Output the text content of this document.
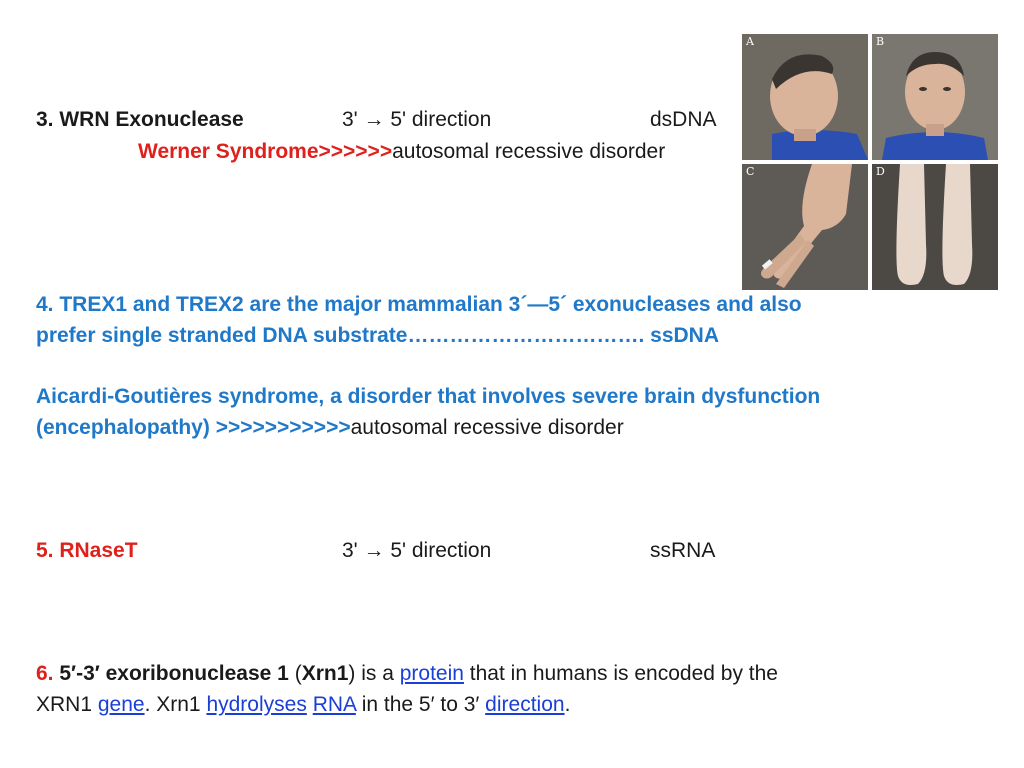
3. WRN Exonuclease	3' → 5' direction	dsDNA
Werner Syndrome>>>>>>autosomal recessive disorder
A	B
C	D
4. TREX1 and TREX2 are the major mammalian 3´—5´ exonucleases and also
prefer single stranded DNA substrate……………………………. ssDNA
Aicardi-Goutières syndrome, a disorder that involves severe brain dysfunction
(encephalopathy) >>>>>>>>>>>autosomal recessive disorder
5. RNaseT	3' → 5' direction	ssRNA
6. 5′-3′ exoribonuclease 1 (Xrn1) is a protein that in humans is encoded by the
XRN1 gene. Xrn1 hydrolyses RNA in the 5′ to 3′ direction.
